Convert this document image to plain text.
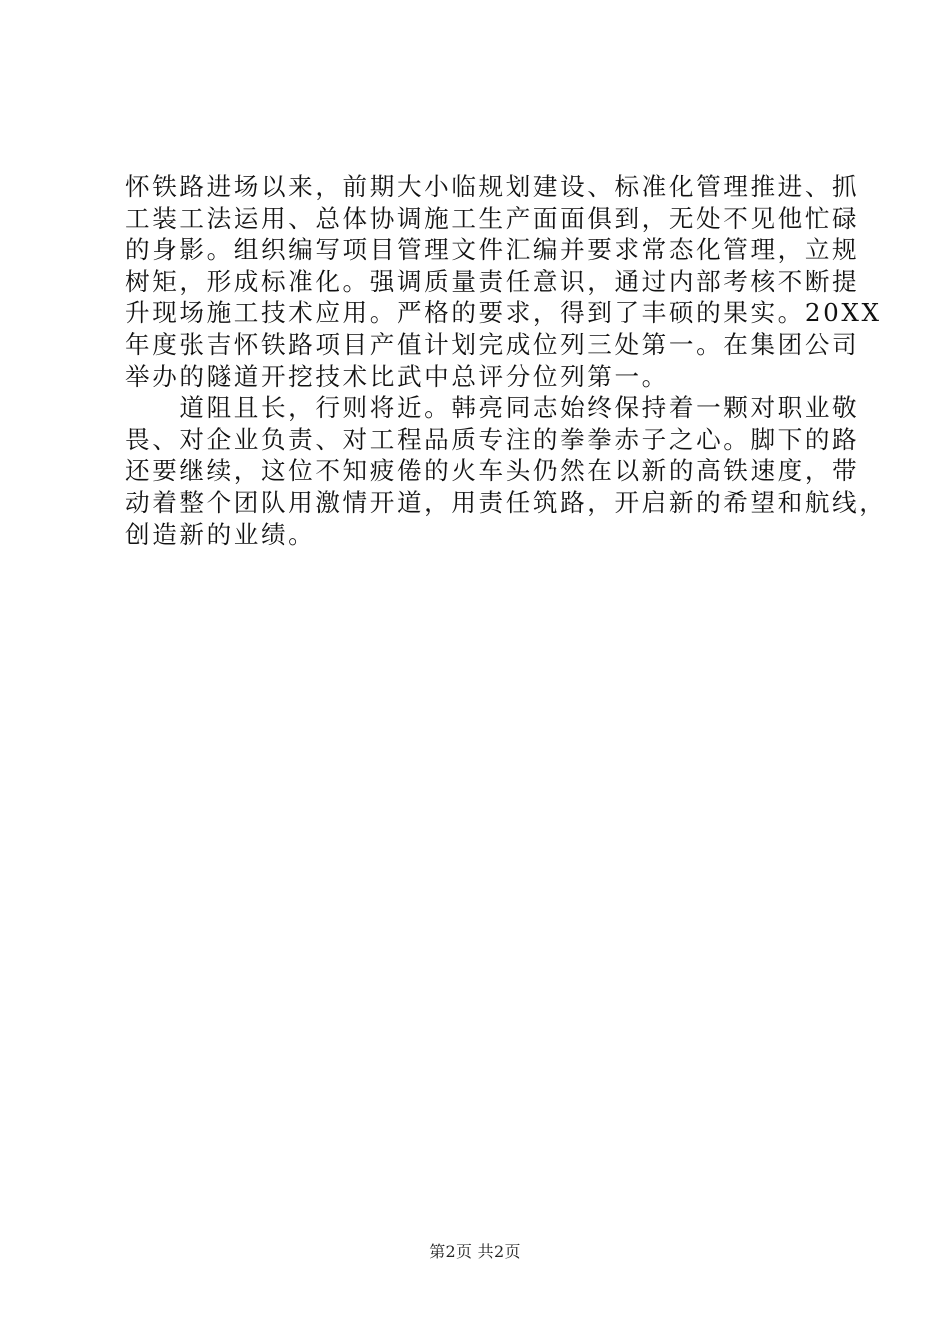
怀铁路进场以来，前期大小临规划建设、标准化管理推进、抓
工装工法运用、总体协调施工生产面面俱到，无处不见他忙碌
的身影。组织编写项目管理文件汇编并要求常态化管理，立规
树矩，形成标准化。强调质量责任意识，通过内部考核不断提
升现场施工技术应用。严格的要求，得到了丰硕的果实。20XX
年度张吉怀铁路项目产值计划完成位列三处第一。在集团公司
举办的隧道开挖技术比武中总评分位列第一。
　　道阻且长，行则将近。韩亮同志始终保持着一颗对职业敬
畏、对企业负责、对工程品质专注的拳拳赤子之心。脚下的路
还要继续，这位不知疲倦的火车头仍然在以新的高铁速度，带
动着整个团队用激情开道，用责任筑路，开启新的希望和航线，
创造新的业绩。
第2页 共2页
